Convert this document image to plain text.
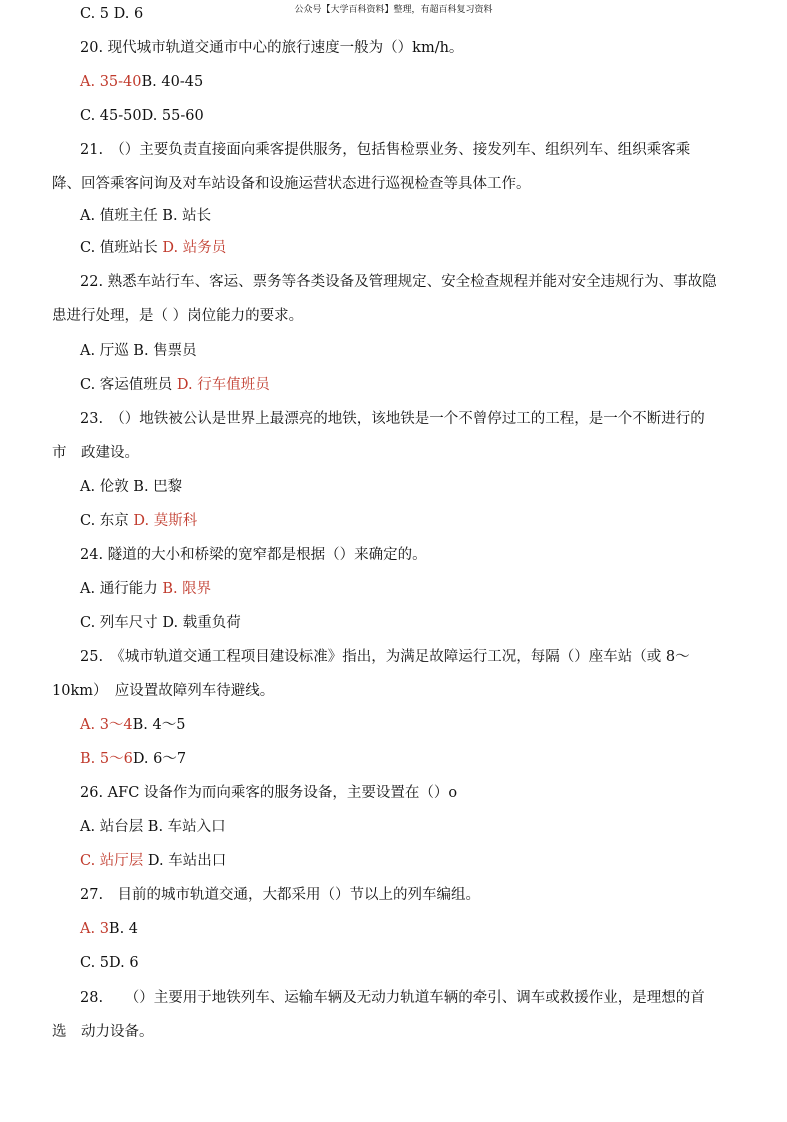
公众号【大学百科资料】整理，有超百科复习资料
C. 5 D. 6
20. 现代城市轨道交通市中心的旅行速度一般为（）km/h。
A. 35-40B. 40-45
C. 45-50D. 55-60
21.　（）主要负责直接面向乘客提供服务，包括售检票业务、接发列车、组织列车、组织乘客乘
降、回答乘客问询及对车站设备和设施运营状态进行巡视检查等具体工作。
A. 值班主任 B. 站长
C. 值班站长 D. 站务员
22. 熟悉车站行车、客运、票务等各类设备及管理规定、安全检查规程并能对安全违规行为、事故隐
患进行处理，是（ ）岗位能力的要求。
A. 厅巡 B. 售票员
C. 客运值班员 D. 行车值班员
23.　（）地铁被公认是世界上最漂亮的地铁，该地铁是一个不曾停过工的工程，是一个不断进行的
市　政建设。
A. 伦敦 B. 巴黎
C. 东京 D. 莫斯科
24. 隧道的大小和桥梁的宽窄都是根据（）来确定的。
A. 通行能力 B. 限界
C. 列车尺寸 D. 载重负荷
25.　《城市轨道交通工程项目建设标准》指出，为满足故障运行工况，每隔（）座车站（或 8～
10km）　应设置故障列车待避线。
A. 3～4B. 4～5
B. 5～6D. 6～7
26. AFC 设备作为而向乘客的服务设备，主要设置在（）o
A. 站台层 B. 车站入口
C. 站厅层 D. 车站出口
27.　目前的城市轨道交通，大都采用（）节以上的列车编组。
A. 3B. 4
C. 5D. 6
28.　　（）主要用于地铁列车、运输车辆及无动力轨道车辆的牵引、调车或救援作业，是理想的首
选　动力设备。
